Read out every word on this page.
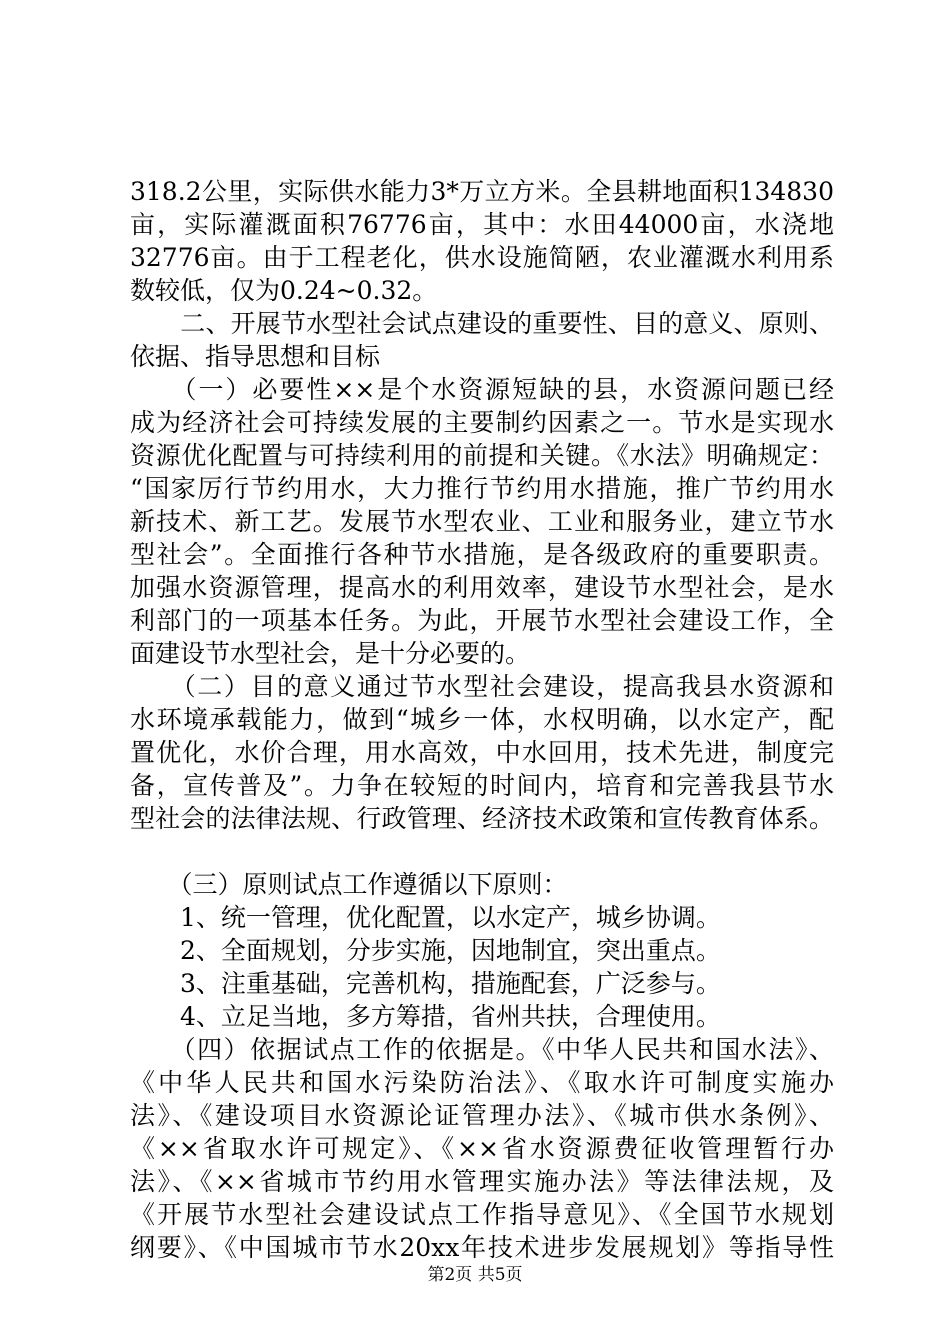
318.2公里，实际供水能力3*万立方米。全县耕地面积134830
亩，实际灌溉面积76776亩，其中：水田44000亩，水浇地
32776亩。由于工程老化，供水设施简陋，农业灌溉水利用系
数较低，仅为0.24~0.32。
　　二、开展节水型社会试点建设的重要性、目的意义、原则、
依据、指导思想和目标
　　（一）必要性××是个水资源短缺的县，水资源问题已经
成为经济社会可持续发展的主要制约因素之一。节水是实现水
资源优化配置与可持续利用的前提和关键。《水法》明确规定：
“国家厉行节约用水，大力推行节约用水措施，推广节约用水
新技术、新工艺。发展节水型农业、工业和服务业，建立节水
型社会”。全面推行各种节水措施，是各级政府的重要职责。
加强水资源管理，提高水的利用效率，建设节水型社会，是水
利部门的一项基本任务。为此，开展节水型社会建设工作，全
面建设节水型社会，是十分必要的。
　　（二）目的意义通过节水型社会建设，提高我县水资源和
水环境承载能力，做到“城乡一体，水权明确，以水定产，配
置优化，水价合理，用水高效，中水回用，技术先进，制度完
备，宣传普及”。力争在较短的时间内，培育和完善我县节水
型社会的法律法规、行政管理、经济技术政策和宣传教育体系。
　　（三）原则试点工作遵循以下原则：
　　1、统一管理，优化配置，以水定产，城乡协调。
　　2、全面规划，分步实施，因地制宜，突出重点。
　　3、注重基础，完善机构，措施配套，广泛参与。
　　4、立足当地，多方筹措，省州共扶，合理使用。
　　（四）依据试点工作的依据是。《中华人民共和国水法》、
《中华人民共和国水污染防治法》、《取水许可制度实施办
法》、《建设项目水资源论证管理办法》、《城市供水条例》、
《××省取水许可规定》、《××省水资源费征收管理暂行办
法》、《××省城市节约用水管理实施办法》等法律法规，及
《开展节水型社会建设试点工作指导意见》、《全国节水规划
纲要》、《中国城市节水20xx年技术进步发展规划》等指导性
第2页 共5页
